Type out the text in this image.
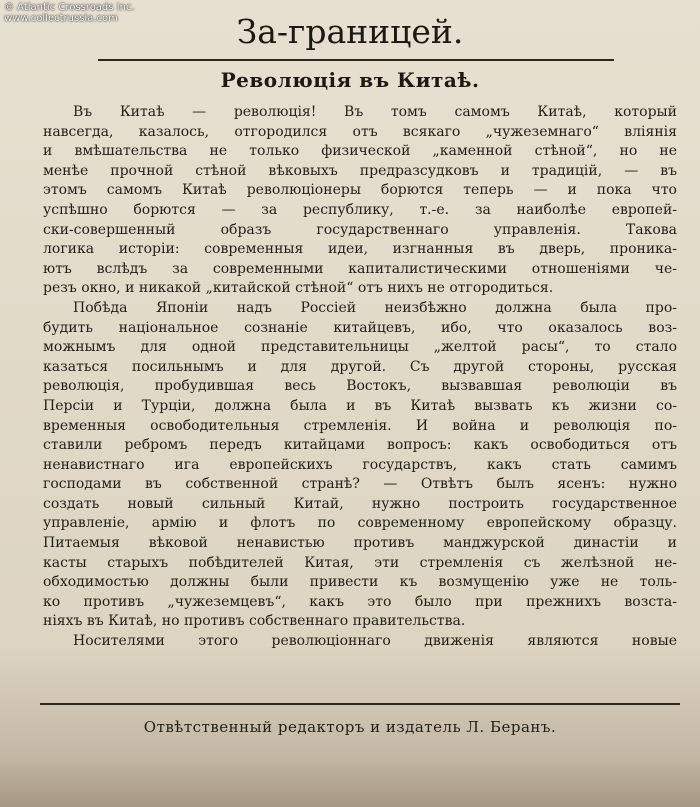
© Atlantic Crossroads Inc.
www.collectrussia.com	За-границей.
Революція въ Китаѣ.
Въ Китаѣ — революція! Въ томъ самомъ Китаѣ, который
навсегда, казалось, отгородился отъ всякаго „чужеземнаго“ вліянія
и вмѣшательства не только физической „каменной стѣной“, но не
менѣе прочной стѣной вѣковыхъ предразсудковъ и традицій, — въ
этомъ самомъ Китаѣ революціонеры борются теперь — и пока что
успѣшно борются — за республику, т.-е. за наиболѣе европей-
ски-совершенный образъ государственнаго управленія. Такова
логика исторіи: современныя идеи, изгнанныя въ дверь, проника-
ютъ вслѣдъ за современными капиталистическими отношеніями че-
резъ окно, и никакой „китайской стѣной“ отъ нихъ не отгородиться.
Побѣда Японіи надъ Россіей неизбѣжно должна была про-
будить національное сознаніе китайцевъ, ибо, что оказалось воз-
можнымъ для одной представительницы „желтой расы“, то стало
казаться посильнымъ и для другой. Съ другой стороны, русская
революція, пробудившая весь Востокъ, вызвавшая революціи въ
Персіи и Турціи, должна была и въ Китаѣ вызвать къ жизни со-
временныя освободительныя стремленія. И война и революція по-
ставили ребромъ передъ китайцами вопросъ: какъ освободиться отъ
ненавистнаго ига европейскихъ государствъ, какъ стать самимъ
господами въ собственной странѣ? — Отвѣтъ былъ ясенъ: нужно
создать новый сильный Китай, нужно построить государственное
управленіе, армію и флотъ по современному европейскому образцу.
Питаемыя вѣковой ненавистью противъ манджурской династіи и
касты старыхъ побѣдителей Китая, эти стремленія съ желѣзной не-
обходимостью должны были привести къ возмущенію уже не толь-
ко противъ „чужеземцевъ“, какъ это было при прежнихъ возста-
ніяхъ въ Китаѣ, но противъ собственнаго правительства.
Носителями этого революціоннаго движенія являются новые
Отвѣтственный редакторъ и издатель Л. Беранъ.
